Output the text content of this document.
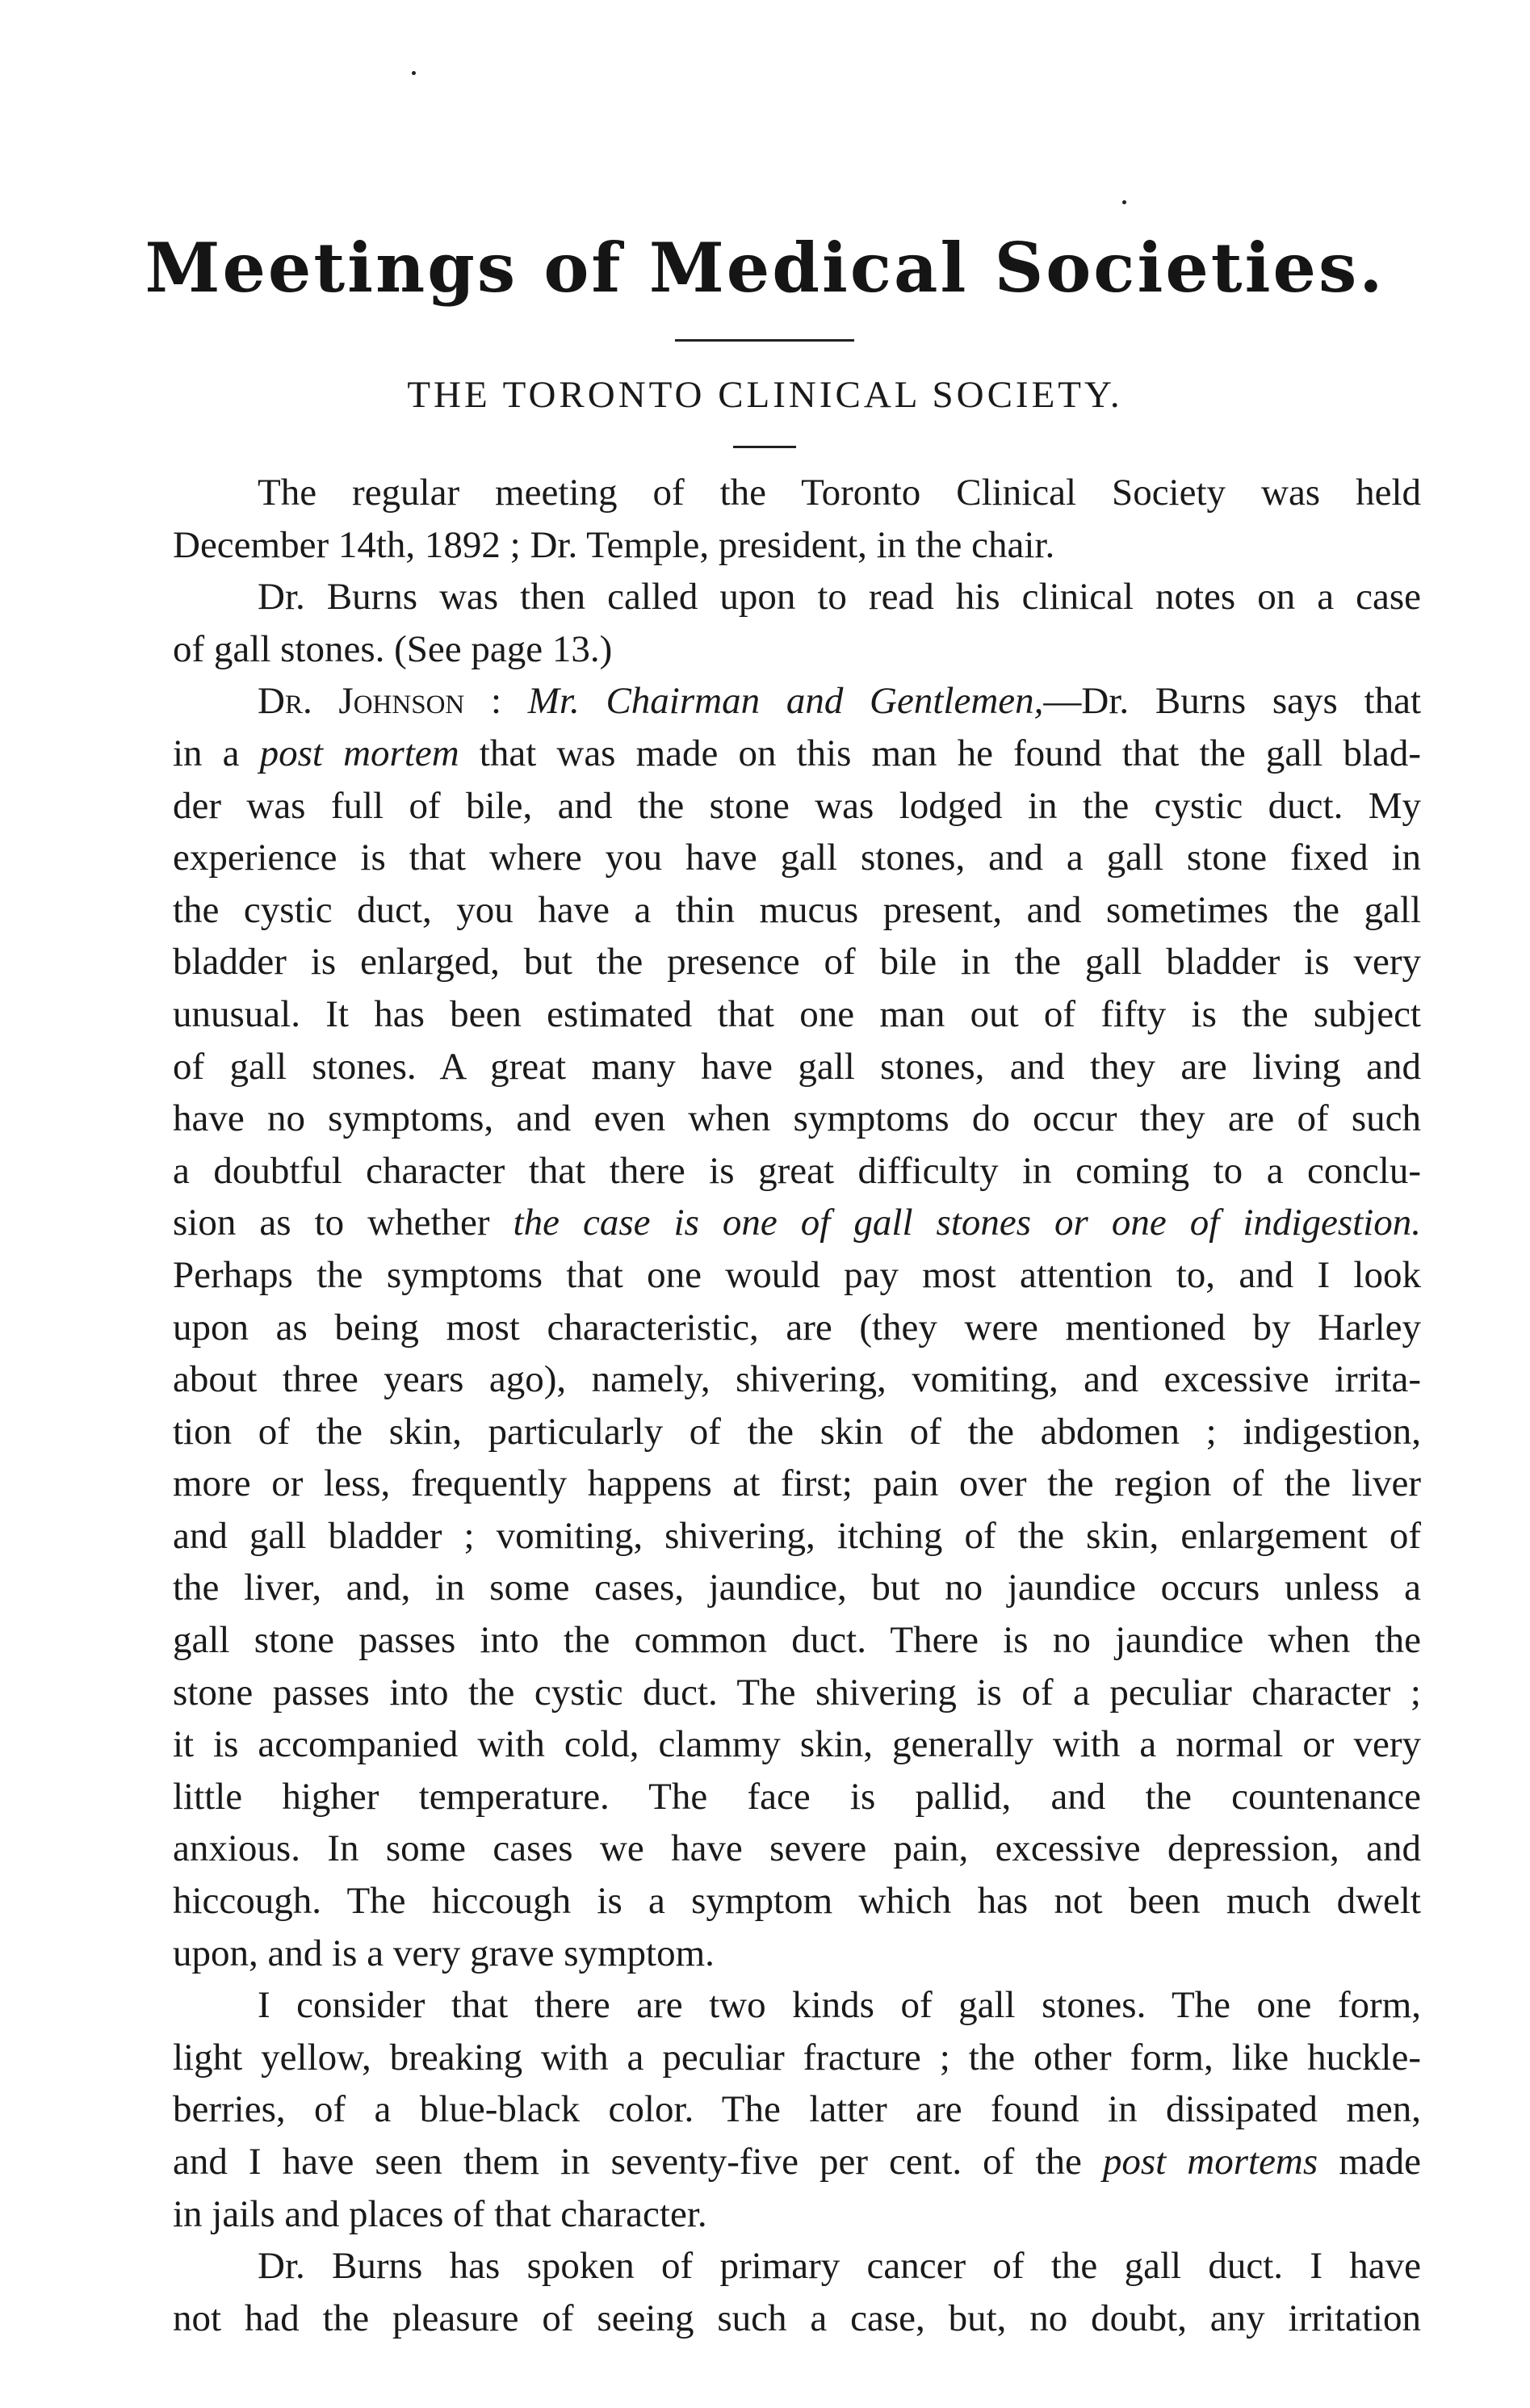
Meetings of Medical Societies.
THE TORONTO CLINICAL SOCIETY.

The regular meeting of the Toronto Clinical Society was held
December 14th, 1892 ; Dr. Temple, president, in the chair.

Dr. Burns was then called upon to read his clinical notes on a case
of gall stones. (See page 13.)

Dr. Johnson : Mr. Chairman and Gentlemen,—Dr. Burns says that
in a post mortem that was made on this man he found that the gall blad-
der was full of bile, and the stone was lodged in the cystic duct. My
experience is that where you have gall stones, and a gall stone fixed in
the cystic duct, you have a thin mucus present, and sometimes the gall
bladder is enlarged, but the presence of bile in the gall bladder is very
unusual. It has been estimated that one man out of fifty is the subject
of gall stones. A great many have gall stones, and they are living and
have no symptoms, and even when symptoms do occur they are of such
a doubtful character that there is great difficulty in coming to a conclu-
sion as to whether the case is one of gall stones or one of indigestion.
Perhaps the symptoms that one would pay most attention to, and I look
upon as being most characteristic, are (they were mentioned by Harley
about three years ago), namely, shivering, vomiting, and excessive irrita-
tion of the skin, particularly of the skin of the abdomen ; indigestion,
more or less, frequently happens at first; pain over the region of the liver
and gall bladder ; vomiting, shivering, itching of the skin, enlargement of
the liver, and, in some cases, jaundice, but no jaundice occurs unless a
gall stone passes into the common duct. There is no jaundice when the
stone passes into the cystic duct. The shivering is of a peculiar character ;
it is accompanied with cold, clammy skin, generally with a normal or very
little higher temperature. The face is pallid, and the countenance
anxious. In some cases we have severe pain, excessive depression, and
hiccough. The hiccough is a symptom which has not been much dwelt
upon, and is a very grave symptom.

I consider that there are two kinds of gall stones. The one form,
light yellow, breaking with a peculiar fracture ; the other form, like huckle-
berries, of a blue-black color. The latter are found in dissipated men,
and I have seen them in seventy-five per cent. of the post mortems made
in jails and places of that character.

Dr. Burns has spoken of primary cancer of the gall duct. I have
not had the pleasure of seeing such a case, but, no doubt, any irritation
